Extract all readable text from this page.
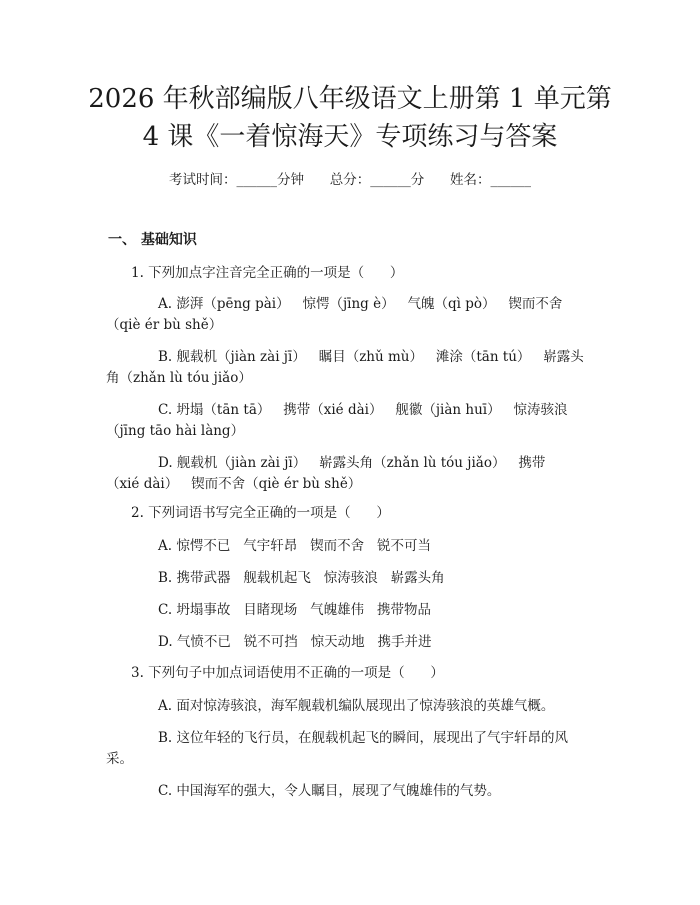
2026 年秋部编版八年级语文上册第 1 单元第
4 课《一着惊海天》专项练习与答案
考试时间：______分钟      总分：______分      姓名：______
一、 基础知识
1. 下列加点字注音完全正确的一项是（      ）
A. 澎湃（pēng pài）   惊愕（jīng è）   气魄（qì pò）   锲而不舍
（qiè ér bù shě）
B. 舰载机（jiàn zài jī）   瞩目（zhǔ mù）   滩涂（tān tú）   崭露头
角（zhǎn lù tóu jiǎo）
C. 坍塌（tān tā）   携带（xié dài）   舰徽（jiàn huī）   惊涛骇浪
（jīng tāo hài làng）
D. 舰载机（jiàn zài jī）   崭露头角（zhǎn lù tóu jiǎo）   携带
（xié dài）   锲而不舍（qiè ér bù shě）
2. 下列词语书写完全正确的一项是（      ）
A. 惊愕不已   气宇轩昂   锲而不舍   锐不可当
B. 携带武器   舰载机起飞   惊涛骇浪   崭露头角
C. 坍塌事故   目睹现场   气魄雄伟   携带物品
D. 气愤不已   锐不可挡   惊天动地   携手并进
3. 下列句子中加点词语使用不正确的一项是（      ）
A. 面对惊涛骇浪，海军舰载机编队展现出了惊涛骇浪的英雄气概。
B. 这位年轻的飞行员，在舰载机起飞的瞬间，展现出了气宇轩昂的风
采。
C. 中国海军的强大，令人瞩目，展现了气魄雄伟的气势。
